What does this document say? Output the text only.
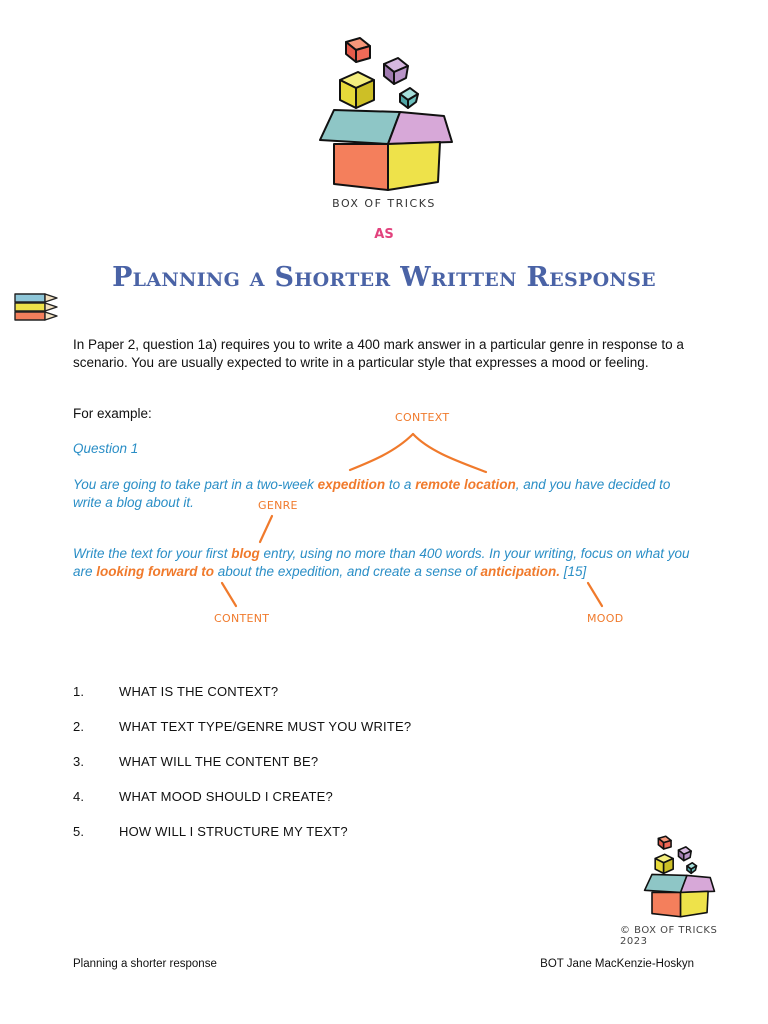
BOX OF TRICKS
AS
Planning a Shorter Written Response
In Paper 2, question 1a) requires you to write a 400 mark answer in a particular genre in response to a scenario. You are usually expected to write in a particular style that expresses a mood or feeling.
For example:
Question 1
You are going to take part in a two-week expedition to a remote location, and you have decided to write a blog about it.
Write the text for your first blog entry, using no more than 400 words. In your writing, focus on what you are looking forward to about the expedition, and create a sense of anticipation. [15]
CONTEXT
GENRE
CONTENT	MOOD
1.	WHAT IS THE CONTEXT?
2.	WHAT TEXT TYPE/GENRE MUST YOU WRITE?
3.	WHAT WILL THE CONTENT BE?
4.	WHAT MOOD SHOULD I CREATE?
5.	HOW WILL I STRUCTURE MY TEXT?
© BOX OF TRICKS 2023
Planning a shorter response	BOT Jane MacKenzie-Hoskyn
